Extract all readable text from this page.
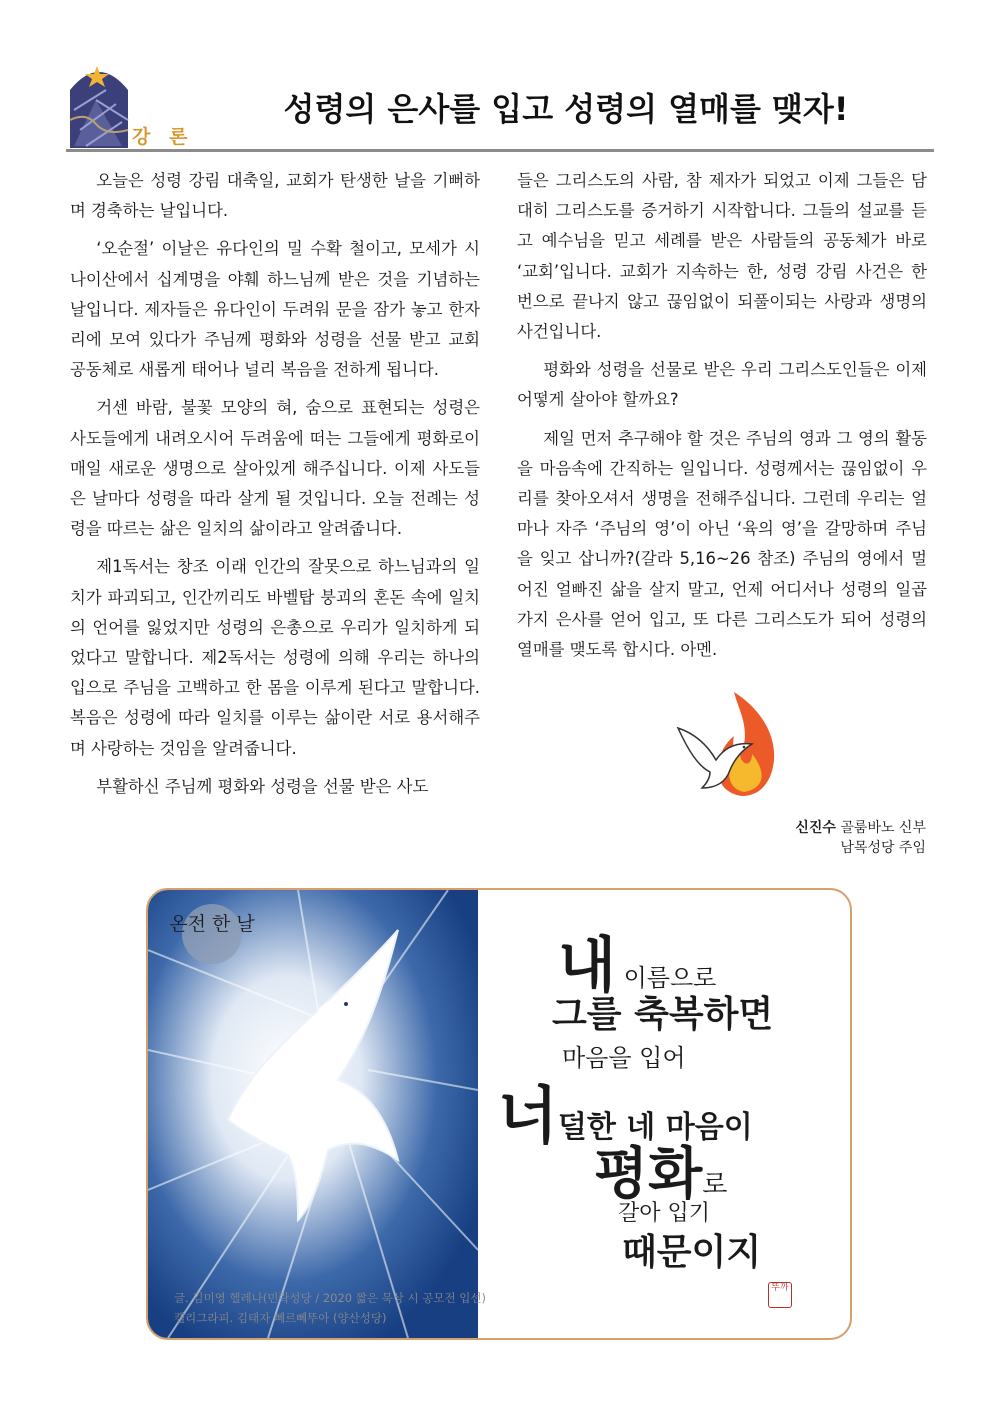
강 론
성령의 은사를 입고 성령의 열매를 맺자!

오늘은 성령 강림 대축일, 교회가 탄생한 날을 기뻐하며 경축하는 날입니다.

‘오순절’ 이날은 유다인의 밀 수확 철이고, 모세가 시나이산에서 십계명을 야훼 하느님께 받은 것을 기념하는 날입니다. 제자들은 유다인이 두려워 문을 잠가 놓고 한자리에 모여 있다가 주님께 평화와 성령을 선물 받고 교회 공동체로 새롭게 태어나 널리 복음을 전하게 됩니다.

거센 바람, 불꽃 모양의 혀, 숨으로 표현되는 성령은 사도들에게 내려오시어 두려움에 떠는 그들에게 평화로이 매일 새로운 생명으로 살아있게 해주십니다. 이제 사도들은 날마다 성령을 따라 살게 될 것입니다. 오늘 전례는 성령을 따르는 삶은 일치의 삶이라고 알려줍니다.

제1독서는 창조 이래 인간의 잘못으로 하느님과의 일치가 파괴되고, 인간끼리도 바벨탑 붕괴의 혼돈 속에 일치의 언어를 잃었지만 성령의 은총으로 우리가 일치하게 되었다고 말합니다. 제2독서는 성령에 의해 우리는 하나의 입으로 주님을 고백하고 한 몸을 이루게 된다고 말합니다. 복음은 성령에 따라 일치를 이루는 삶이란 서로 용서해주며 사랑하는 것임을 알려줍니다.

부활하신 주님께 평화와 성령을 선물 받은 사도

들은 그리스도의 사람, 참 제자가 되었고 이제 그들은 담대히 그리스도를 증거하기 시작합니다. 그들의 설교를 듣고 예수님을 믿고 세례를 받은 사람들의 공동체가 바로 ‘교회’입니다. 교회가 지속하는 한, 성령 강림 사건은 한 번으로 끝나지 않고 끊임없이 되풀이되는 사랑과 생명의 사건입니다.

평화와 성령을 선물로 받은 우리 그리스도인들은 이제 어떻게 살아야 할까요?

제일 먼저 추구해야 할 것은 주님의 영과 그 영의 활동을 마음속에 간직하는 일입니다. 성령께서는 끊임없이 우리를 찾아오셔서 생명을 전해주십니다. 그런데 우리는 얼마나 자주 ‘주님의 영’이 아닌 ‘육의 영’을 갈망하며 주님을 잊고 삽니까?(갈라 5,16~26 참조) 주님의 영에서 멀어진 얼빠진 삶을 살지 말고, 언제 어디서나 성령의 일곱 가지 은사를 얻어 입고, 또 다른 그리스도가 되어 성령의 열매를 맺도록 합시다. 아멘.

신진수 골룸바노 신부
남목성당 주임
온전 한 날
내 이름으로
그를 축복하면
마음을 입어
너덜한 네 마음이
평화로
갈아 입기
때문이지
뚜까
글. 김미영 헬레나(민락성당 / 2020 짧은 묵상 시 공모전 입선)
캘리그라피. 김태자 뻬르뻬뚜아 (양산성당)
